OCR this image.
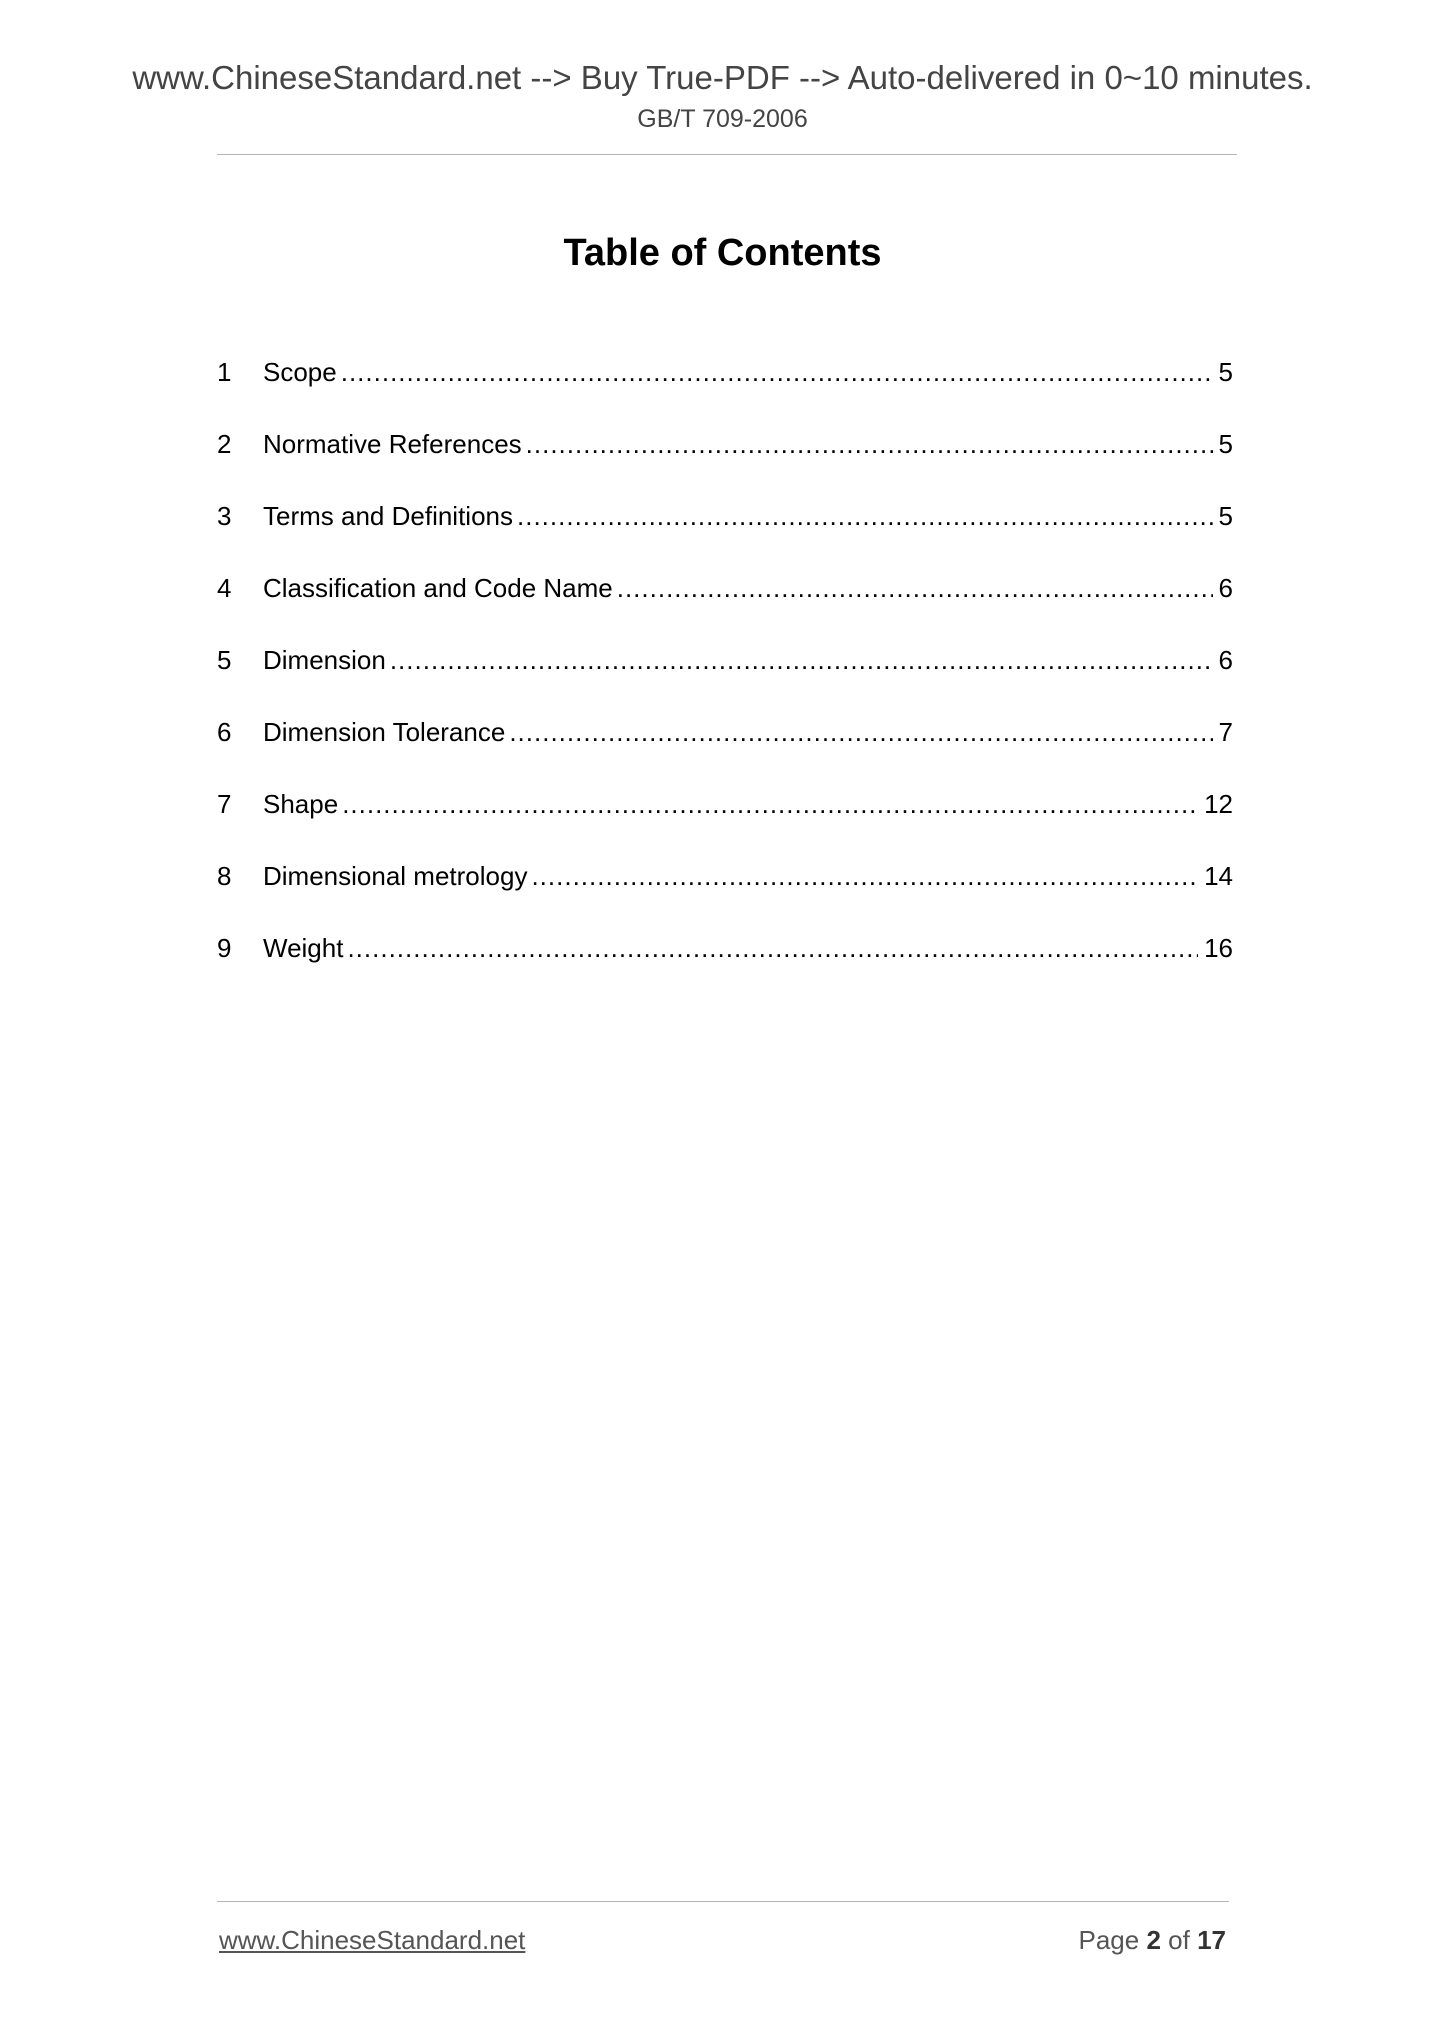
www.ChineseStandard.net --> Buy True-PDF --> Auto-delivered in 0~10 minutes.
GB/T 709-2006
Table of Contents
1	Scope .....	5
2	Normative References .....	5
3	Terms and Definitions .....	5
4	Classification and Code Name .....	6
5	Dimension .....	6
6	Dimension Tolerance .....	7
7	Shape .....	12
8	Dimensional metrology .....	14
9	Weight .....	16
www.ChineseStandard.net	Page 2 of 17
